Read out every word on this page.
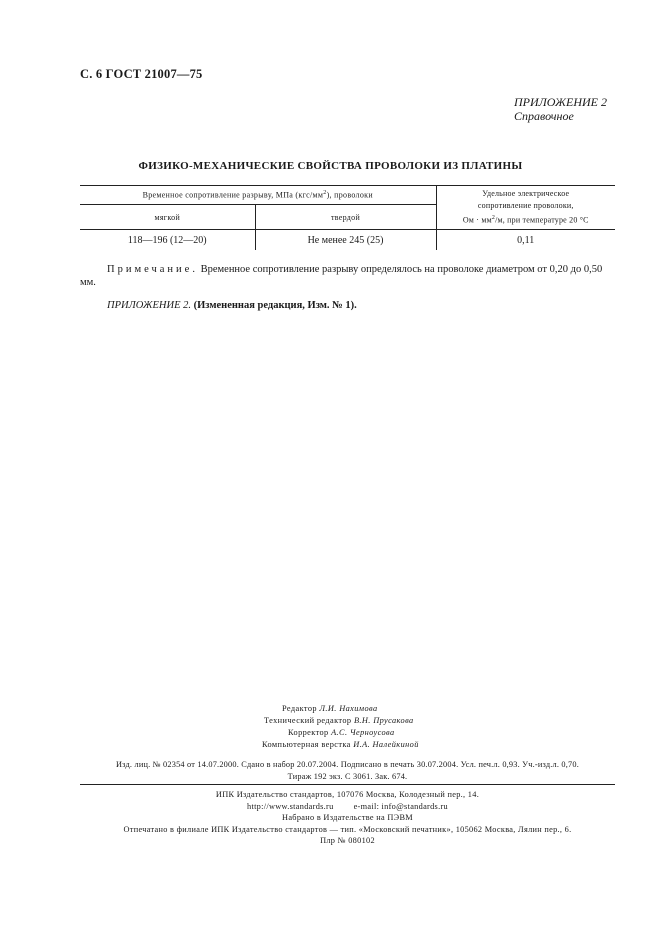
С. 6 ГОСТ 21007—75
ПРИЛОЖЕНИЕ 2
Справочное
ФИЗИКО-МЕХАНИЧЕСКИЕ СВОЙСТВА ПРОВОЛОКИ ИЗ ПЛАТИНЫ
Временное сопротивление разрыву, МПа $(кгс/мм^2)$, проволоки		Удельное электрическое
сопротивление проволоки,
Ом · $мм^2/м$, при температуре 20 °С

мягкой	твердой	
118—196 (12—20)	Не менее 245 (25)	0,11
Примечание. Временное сопротивление разрыву определялось на проволоке диаметром от 0,20 до 0,50 мм.
ПРИЛОЖЕНИЕ 2. (Измененная редакция, Изм. № 1).
Редактор Л.И. Нахимова
Технический редактор В.Н. Прусакова
Корректор А.С. Черноусова
Компьютерная верстка И.А. Налейкиной
Изд. лиц. № 02354 от 14.07.2000. Сдано в набор 20.07.2004. Подписано в печать 30.07.2004. Усл. печ.л. 0,93. Уч.-изд.л. 0,70.
Тираж 192 экз. С 3061. Зак. 674.
ИПК Издательство стандартов, 107076 Москва, Колодезный пер., 14.
http://www.standards.ru e-mail: info@standards.ru
Набрано в Издательстве на ПЭВМ
Отпечатано в филиале ИПК Издательство стандартов — тип. «Московский печатник», 105062 Москва, Лялин пер., 6.
Плр № 080102
